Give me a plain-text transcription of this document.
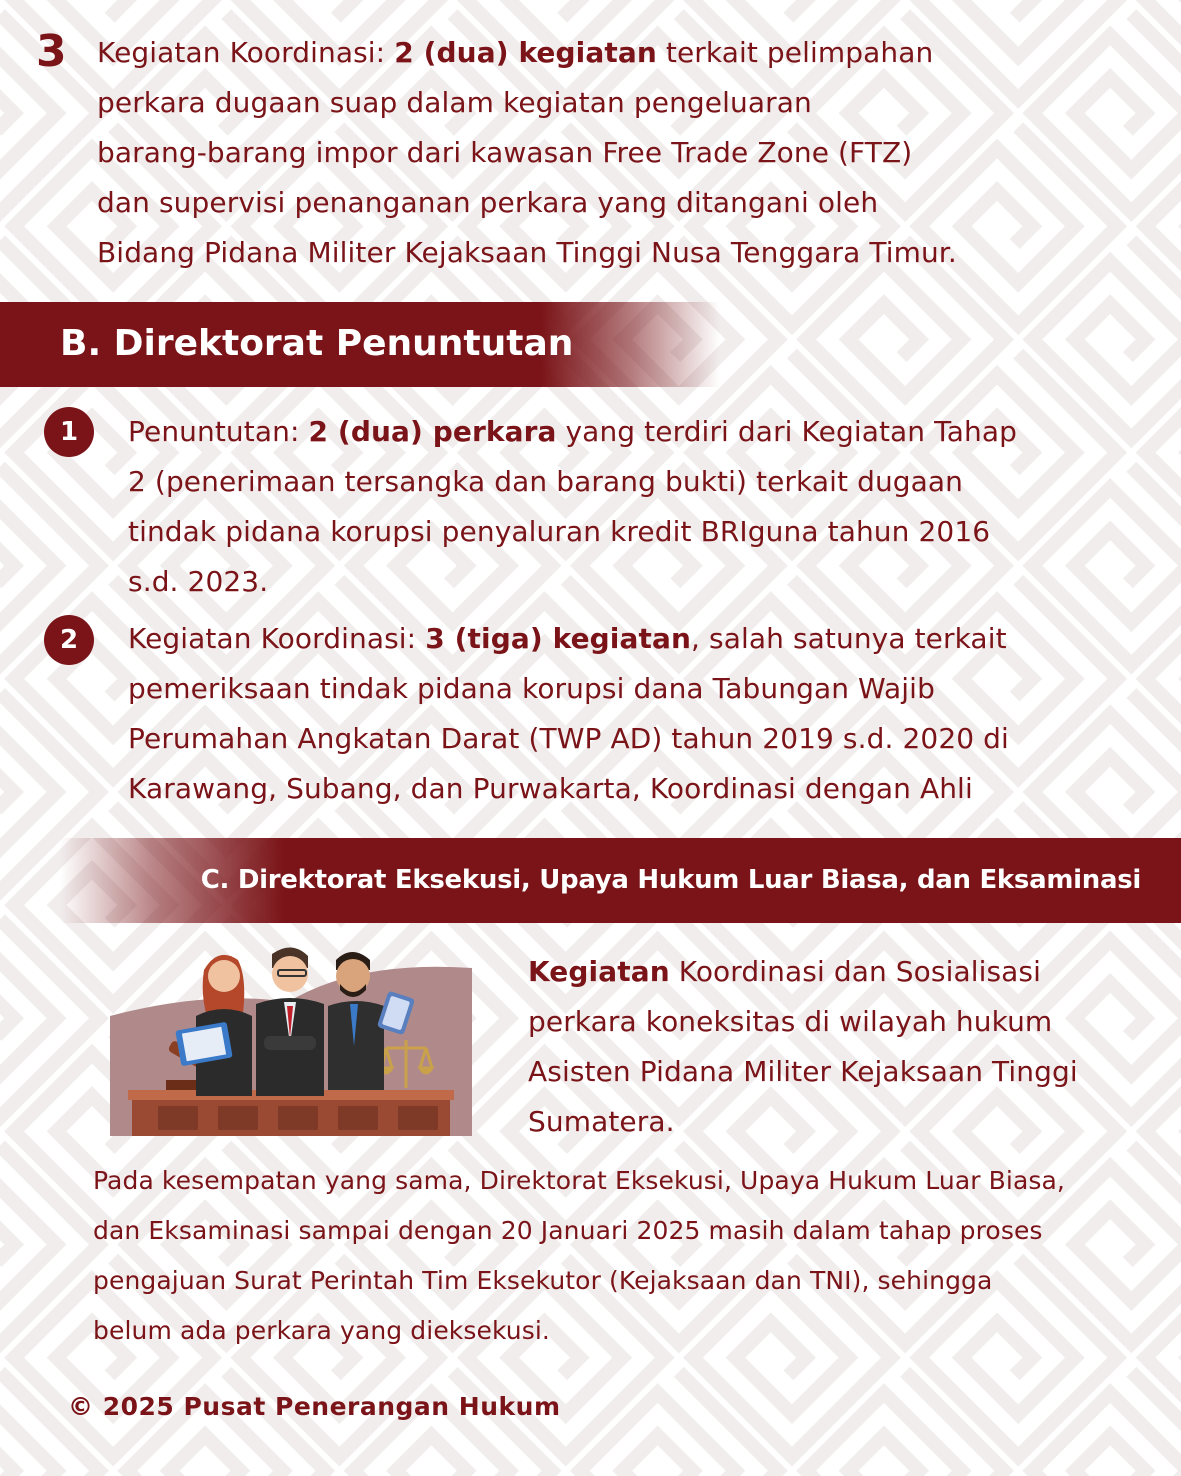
3 Kegiatan Koordinasi: 2 (dua) kegiatan terkait pelimpahan

perkara dugaan suap dalam kegiatan pengeluaran

barang-barang impor dari kawasan Free Trade Zone (FTZ)

dan supervisi penanganan perkara yang ditangani oleh

Bidang Pidana Militer Kejaksaan Tinggi Nusa Tenggara Timur.

B. Direktorat Penuntutan
1	Penuntutan: 2 (dua) perkara yang terdiri dari Kegiatan Tahap

2 (penerimaan tersangka dan barang bukti) terkait dugaan

tindak pidana korupsi penyaluran kredit BRIguna tahun 2016

s.d. 2023.

2	Kegiatan Koordinasi: 3 (tiga) kegiatan, salah satunya terkait

pemeriksaan tindak pidana korupsi dana Tabungan Wajib

Perumahan Angkatan Darat (TWP AD) tahun 2019 s.d. 2020 di

Karawang, Subang, dan Purwakarta, Koordinasi dengan Ahli

C. Direktorat Eksekusi, Upaya Hukum Luar Biasa, dan Eksaminasi

Kegiatan Koordinasi dan Sosialisasi

perkara koneksitas di wilayah hukum

Asisten Pidana Militer Kejaksaan Tinggi

Sumatera.

Pada kesempatan yang sama, Direktorat Eksekusi, Upaya Hukum Luar Biasa,

dan Eksaminasi sampai dengan 20 Januari 2025 masih dalam tahap proses

pengajuan Surat Perintah Tim Eksekutor (Kejaksaan dan TNI), sehingga

belum ada perkara yang dieksekusi.

© 2025 Pusat Penerangan Hukum
